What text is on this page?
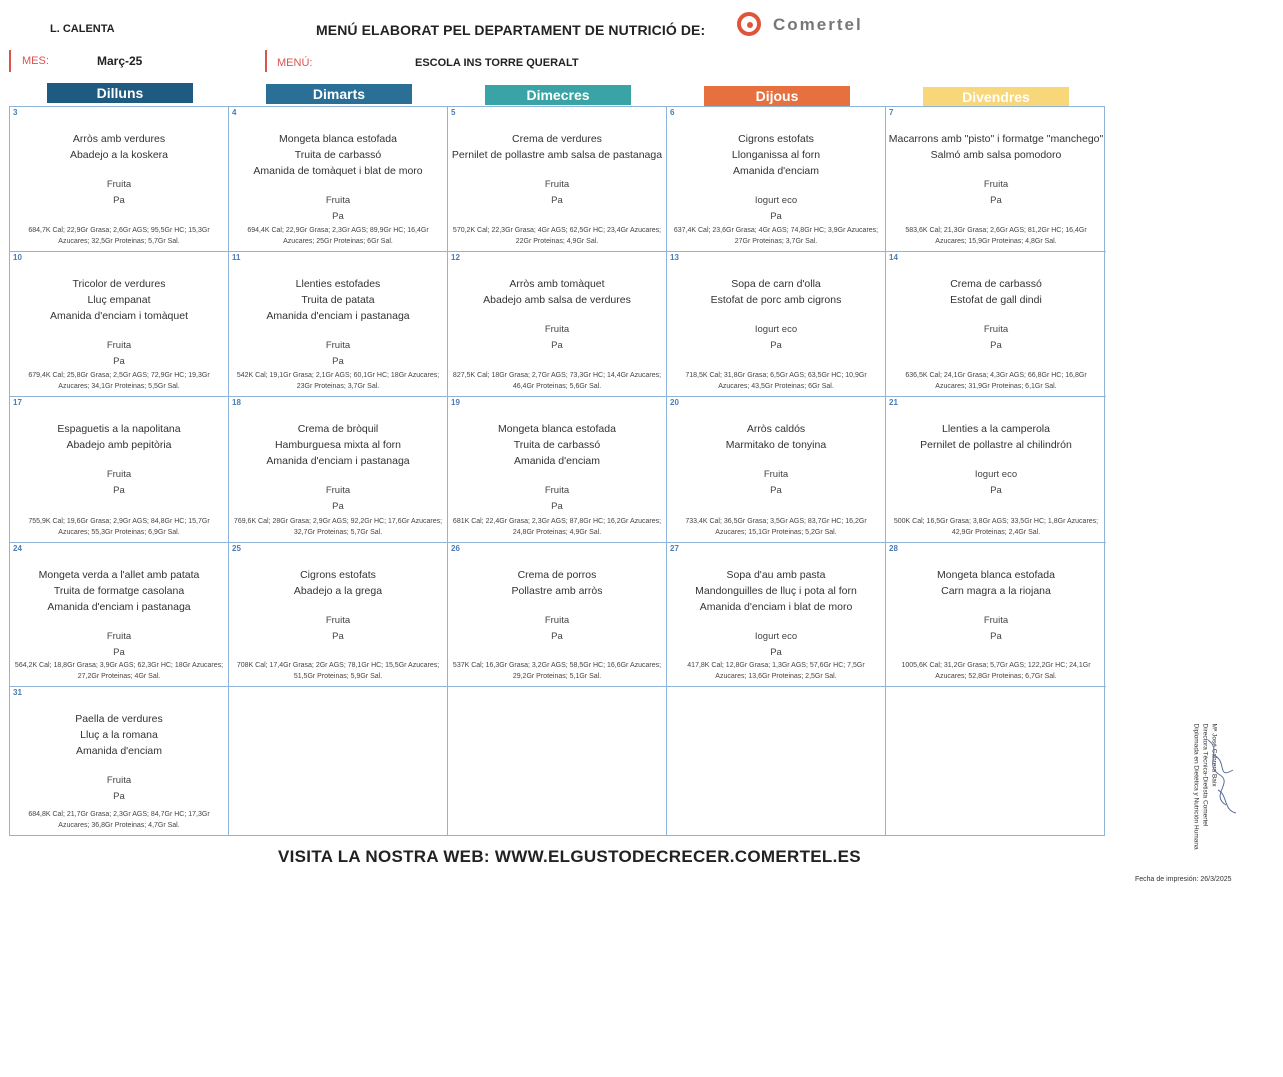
L. CALENTA	MENÚ ELABORAT PEL DEPARTAMENT DE NUTRICIÓ DE:	Comertel
MES:	Març-25	MENÚ:	ESCOLA INS TORRE QUERALT
Dilluns	Dimarts	Dimecres	Dijous	Divendres
3
Arròs amb verdures
Abadejo a la koskera
Fruita
Pa
684,7K Cal; 22,9Gr Grasa; 2,6Gr AGS; 95,5Gr HC; 15,3Gr Azucares; 32,5Gr Proteinas; 5,7Gr Sal.
4
Mongeta blanca estofada
Truita de carbassó
Amanida de tomàquet i blat de moro
Fruita
Pa
694,4K Cal; 22,9Gr Grasa; 2,3Gr AGS; 89,9Gr HC; 16,4Gr Azucares; 25Gr Proteinas; 6Gr Sal.
5
Crema de verdures
Pernilet de pollastre amb salsa de pastanaga
Fruita
Pa
570,2K Cal; 22,3Gr Grasa; 4Gr AGS; 62,5Gr HC; 23,4Gr Azucares; 22Gr Proteinas; 4,9Gr Sal.
6
Cigrons estofats
Llonganissa al forn
Amanida d'enciam
Iogurt eco
Pa
637,4K Cal; 23,6Gr Grasa; 4Gr AGS; 74,8Gr HC; 3,9Gr Azucares; 27Gr Proteinas; 3,7Gr Sal.
7
Macarrons amb "pisto" i formatge "manchego"
Salmó amb salsa pomodoro
Fruita
Pa
583,6K Cal; 21,3Gr Grasa; 2,6Gr AGS; 81,2Gr HC; 16,4Gr Azucares; 15,9Gr Proteinas; 4,8Gr Sal.
10
Tricolor de verdures
Lluç empanat
Amanida d'enciam i tomàquet
Fruita
Pa
679,4K Cal; 25,8Gr Grasa; 2,5Gr AGS; 72,9Gr HC; 19,3Gr Azucares; 34,1Gr Proteinas; 5,5Gr Sal.
11
Llenties estofades
Truita de patata
Amanida d'enciam i pastanaga
Fruita
Pa
542K Cal; 19,1Gr Grasa; 2,1Gr AGS; 60,1Gr HC; 18Gr Azucares; 23Gr Proteinas; 3,7Gr Sal.
12
Arròs amb tomàquet
Abadejo amb salsa de verdures
Fruita
Pa
827,5K Cal; 18Gr Grasa; 2,7Gr AGS; 73,3Gr HC; 14,4Gr Azucares; 46,4Gr Proteinas; 5,6Gr Sal.
13
Sopa de carn d'olla
Estofat de porc amb cigrons
Iogurt eco
Pa
718,5K Cal; 31,8Gr Grasa; 6,5Gr AGS; 63,5Gr HC; 10,9Gr Azucares; 43,5Gr Proteinas; 6Gr Sal.
14
Crema de carbassó
Estofat de gall dindi
Fruita
Pa
636,5K Cal; 24,1Gr Grasa; 4,3Gr AGS; 66,8Gr HC; 16,8Gr Azucares; 31,9Gr Proteinas; 6,1Gr Sal.
17
Espaguetis a la napolitana
Abadejo amb pepitòria
Fruita
Pa
755,9K Cal; 19,6Gr Grasa; 2,9Gr AGS; 84,8Gr HC; 15,7Gr Azucares; 55,3Gr Proteinas; 6,9Gr Sal.
18
Crema de bròquil
Hamburguesa mixta al forn
Amanida d'enciam i pastanaga
Fruita
Pa
769,6K Cal; 28Gr Grasa; 2,9Gr AGS; 92,2Gr HC; 17,6Gr Azucares; 32,7Gr Proteinas; 5,7Gr Sal.
19
Mongeta blanca estofada
Truita de carbassó
Amanida d'enciam
Fruita
Pa
681K Cal; 22,4Gr Grasa; 2,3Gr AGS; 87,8Gr HC; 16,2Gr Azucares; 24,8Gr Proteinas; 4,9Gr Sal.
20
Arròs caldós
Marmitako de tonyina
Fruita
Pa
733,4K Cal; 36,5Gr Grasa; 3,5Gr AGS; 83,7Gr HC; 16,2Gr Azucares; 15,1Gr Proteinas; 5,2Gr Sal.
21
Llenties a la camperola
Pernilet de pollastre al chilindrón
Iogurt eco
Pa
500K Cal; 16,5Gr Grasa; 3,8Gr AGS; 33,5Gr HC; 1,8Gr Azucares; 42,9Gr Proteinas; 2,4Gr Sal.
24
Mongeta verda a l'allet amb patata
Truita de formatge casolana
Amanida d'enciam i pastanaga
Fruita
Pa
564,2K Cal; 18,8Gr Grasa; 3,9Gr AGS; 62,3Gr HC; 18Gr Azucares; 27,2Gr Proteinas; 4Gr Sal.
25
Cigrons estofats
Abadejo a la grega
Fruita
Pa
708K Cal; 17,4Gr Grasa; 2Gr AGS; 78,1Gr HC; 15,5Gr Azucares; 51,5Gr Proteinas; 5,9Gr Sal.
26
Crema de porros
Pollastre amb arròs
Fruita
Pa
537K Cal; 16,3Gr Grasa; 3,2Gr AGS; 58,5Gr HC; 16,6Gr Azucares; 29,2Gr Proteinas; 5,1Gr Sal.
27
Sopa d'au amb pasta
Mandonguilles de lluç i pota al forn
Amanida d'enciam i blat de moro
Iogurt eco
Pa
417,8K Cal; 12,8Gr Grasa; 1,3Gr AGS; 57,6Gr HC; 7,5Gr Azucares; 13,6Gr Proteinas; 2,5Gr Sal.
28
Mongeta blanca estofada
Carn magra a la riojana
Fruita
Pa
1005,6K Cal; 31,2Gr Grasa; 5,7Gr AGS; 122,2Gr HC; 24,1Gr Azucares; 52,8Gr Proteinas; 6,7Gr Sal.
31
Paella de verdures
Lluç a la romana
Amanida d'enciam
Fruita
Pa
684,8K Cal; 21,7Gr Grasa; 2,3Gr AGS; 84,7Gr HC; 17,3Gr Azucares; 36,8Gr Proteinas; 4,7Gr Sal.
VISITA LA NOSTRA WEB: WWW.ELGUSTODECRECER.COMERTEL.ES
Mª José Cabrera Baix
Directora Técnica-Dietista Comertel
Diplomada en Dietética y Nutrición Humana
Fecha de impresión: 26/3/2025
